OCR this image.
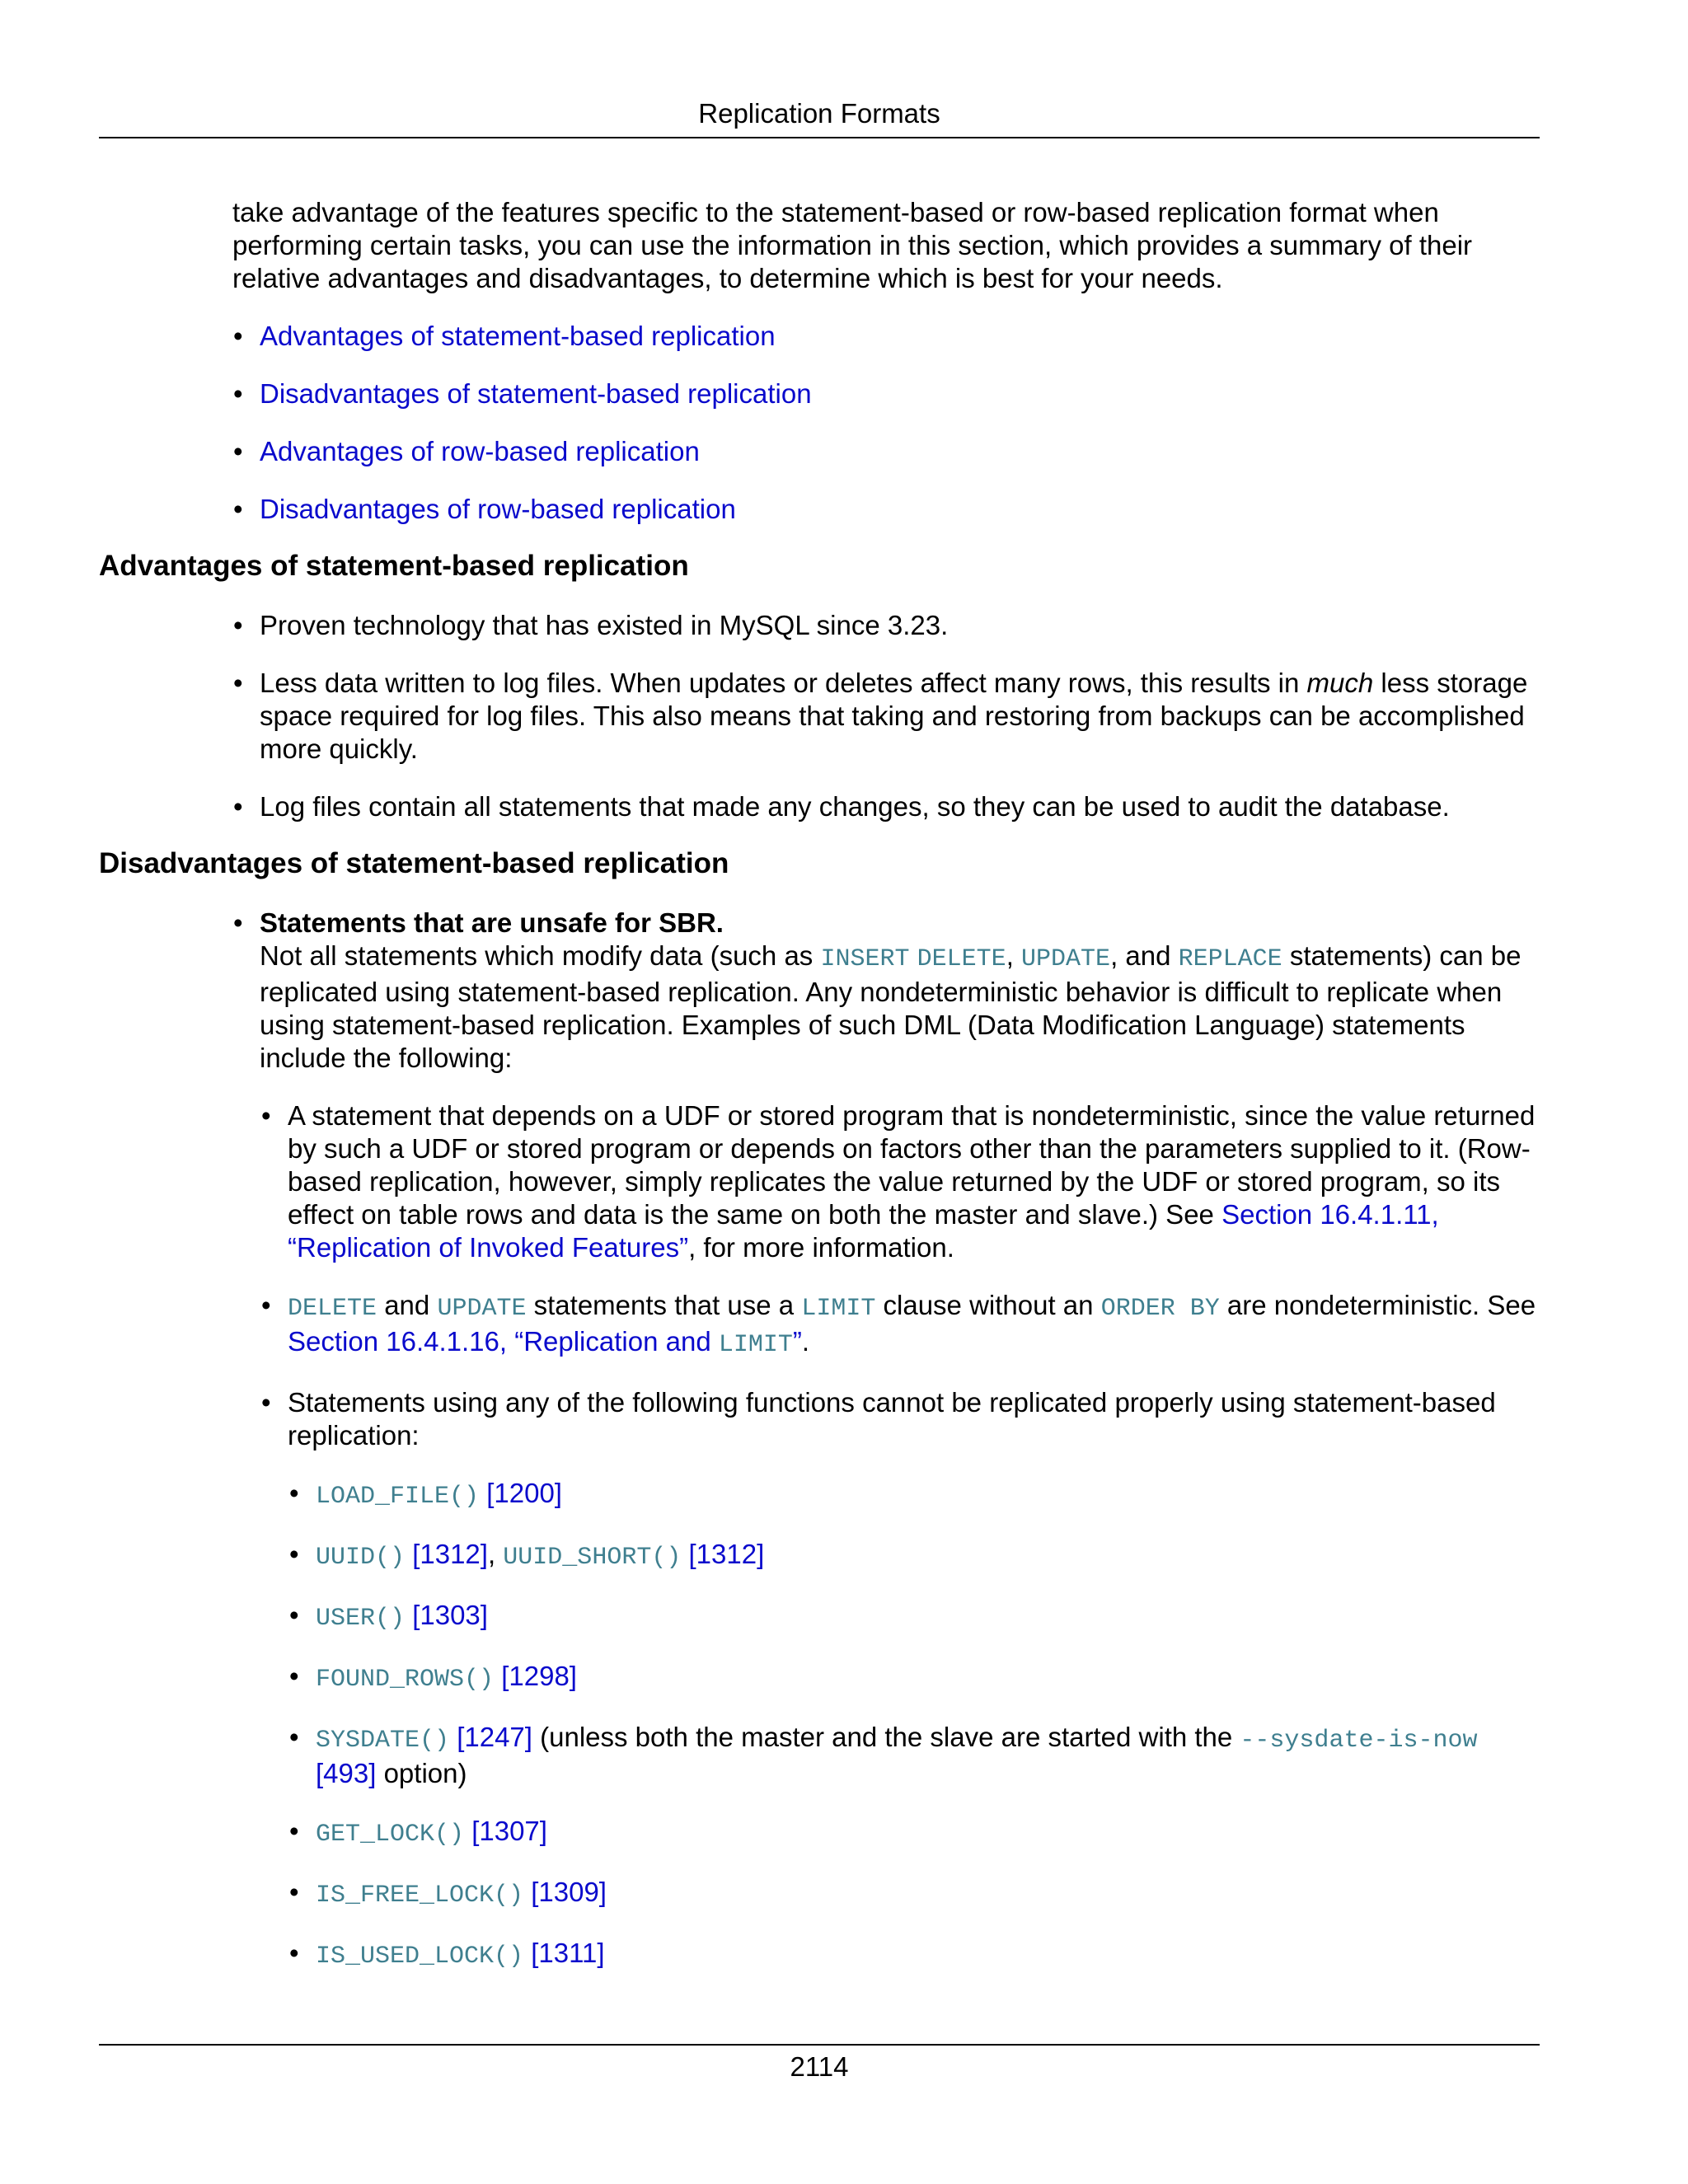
Replication Formats

take advantage of the features specific to the statement-based or row-based replication format when performing certain tasks, you can use the information in this section, which provides a summary of their relative advantages and disadvantages, to determine which is best for your needs.

• Advantages of statement-based replication

• Disadvantages of statement-based replication

• Advantages of row-based replication

• Disadvantages of row-based replication

Advantages of statement-based replication

• Proven technology that has existed in MySQL since 3.23.

• Less data written to log files. When updates or deletes affect many rows, this results in much less storage space required for log files. This also means that taking and restoring from backups can be accomplished more quickly.

• Log files contain all statements that made any changes, so they can be used to audit the database.

Disadvantages of statement-based replication
• Statements that are unsafe for SBR.
Not all statements which modify data (such as INSERT DELETE, UPDATE, and REPLACE statements) can be replicated using statement-based replication. Any nondeterministic behavior is difficult to replicate when using statement-based replication. Examples of such DML (Data Modification Language) statements include the following:

• A statement that depends on a UDF or stored program that is nondeterministic, since the value returned by such a UDF or stored program or depends on factors other than the parameters supplied to it. (Row-based replication, however, simply replicates the value returned by the UDF or stored program, so its effect on table rows and data is the same on both the master and slave.) See Section 16.4.1.11, “Replication of Invoked Features”, for more information.

• DELETE and UPDATE statements that use a LIMIT clause without an ORDER BY are nondeterministic. See Section 16.4.1.16, “Replication and LIMIT”.

• Statements using any of the following functions cannot be replicated properly using statement-based replication:

• LOAD_FILE() [1200]

• UUID() [1312], UUID_SHORT() [1312]

• USER() [1303]

• FOUND_ROWS() [1298]

• SYSDATE() [1247] (unless both the master and the slave are started with the --sysdate-is-now [493] option)

• GET_LOCK() [1307]

• IS_FREE_LOCK() [1309]

• IS_USED_LOCK() [1311]

2114
